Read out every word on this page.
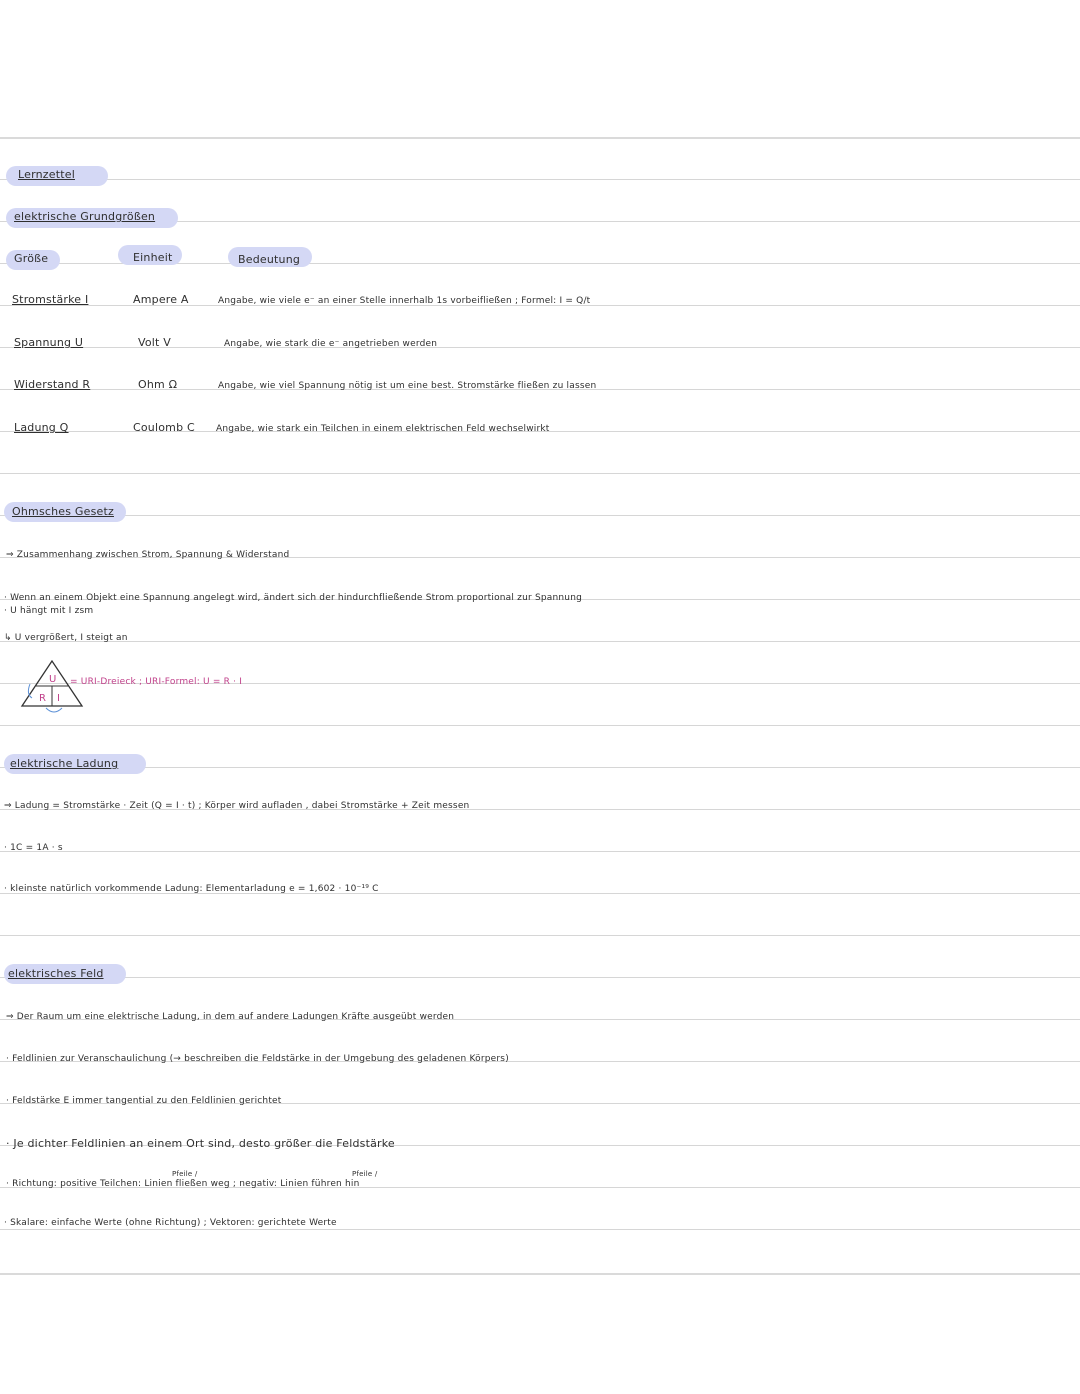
Lernzettel
elektrische Grundgrößen
Größe	Einheit	Bedeutung
Stromstärke I	Ampere A	Angabe, wie viele e⁻ an einer Stelle innerhalb 1s vorbeifließen ; Formel: I = Q/t
Spannung U	Volt V	Angabe, wie stark die e⁻ angetrieben werden
Widerstand R	Ohm Ω	Angabe, wie viel Spannung nötig ist um eine best. Stromstärke fließen zu lassen
Ladung Q	Coulomb C Angabe, wie stark ein Teilchen in einem elektrischen Feld wechselwirkt
Ohmsches Gesetz
⇒ Zusammenhang zwischen Strom, Spannung & Widerstand
· Wenn an einem Objekt eine Spannung angelegt wird, ändert sich der hindurchfließende Strom proportional zur Spannung
· U hängt mit I zsm
↳ U vergrößert, I steigt an
U
R I
= URI-Dreieck ; URI-Formel: U = R · I
elektrische Ladung
⇒ Ladung = Stromstärke · Zeit (Q = I · t) ; Körper wird aufladen , dabei Stromstärke + Zeit messen
· 1C = 1A · s
· kleinste natürlich vorkommende Ladung: Elementarladung e = 1,602 · 10⁻¹⁹ C
elektrisches Feld
⇒ Der Raum um eine elektrische Ladung, in dem auf andere Ladungen Kräfte ausgeübt werden
· Feldlinien zur Veranschaulichung (→ beschreiben die Feldstärke in der Umgebung des geladenen Körpers)
· Feldstärke E immer tangential zu den Feldlinien gerichtet
· Je dichter Feldlinien an einem Ort sind, desto größer die Feldstärke
Pfeile /	Pfeile /
· Richtung: positive Teilchen: Linien fließen weg ; negativ: Linien führen hin
· Skalare: einfache Werte (ohne Richtung) ; Vektoren: gerichtete Werte
